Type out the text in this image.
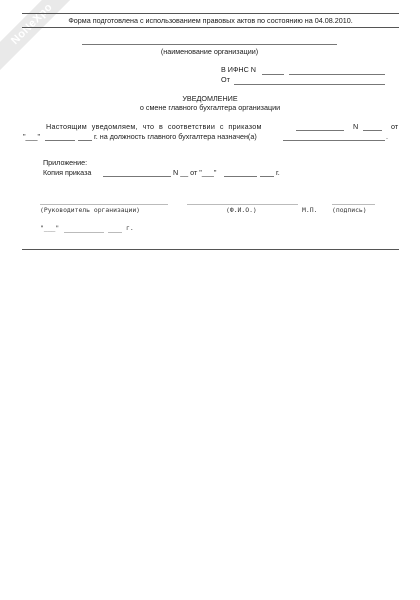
NoNeXpo	Форма подготовлена с использованием правовых актов по состоянию на 04.08.2010.
(наименование организации)
В ИФНС N
От
УВЕДОМЛЕНИЕ
о смене главного бухгалтера организации
Настоящим уведомляем, что в соответствии с приказом	N	от
"___"	г. на должность главного бухгалтера назначен(а)	.
Приложение:
Копия приказа	N __ от "___"	г.
(Руководитель организации)	(Ф.И.О.)	М.П. (подпись)
"___"	г.
